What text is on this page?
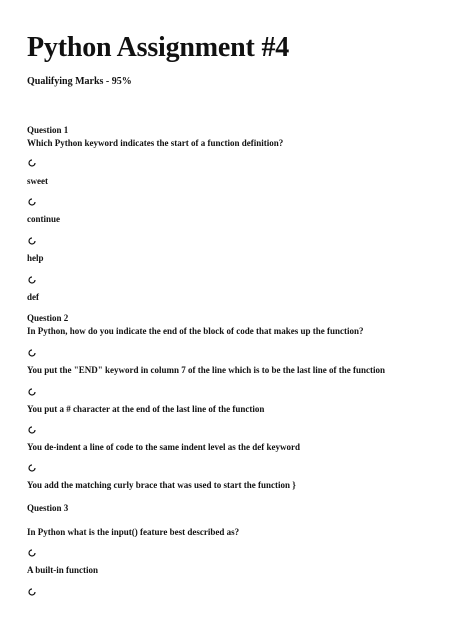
Python Assignment #4
Qualifying Marks - 95%
Question 1
Which Python keyword indicates the start of a function definition?
sweet
continue
help
def
Question 2
In Python, how do you indicate the end of the block of code that makes up the function?
You put the "END" keyword in column 7 of the line which is to be the last line of the function
You put a # character at the end of the last line of the function
You de-indent a line of code to the same indent level as the def keyword
You add the matching curly brace that was used to start the function }
Question 3
In Python what is the input() feature best described as?
A built-in function
